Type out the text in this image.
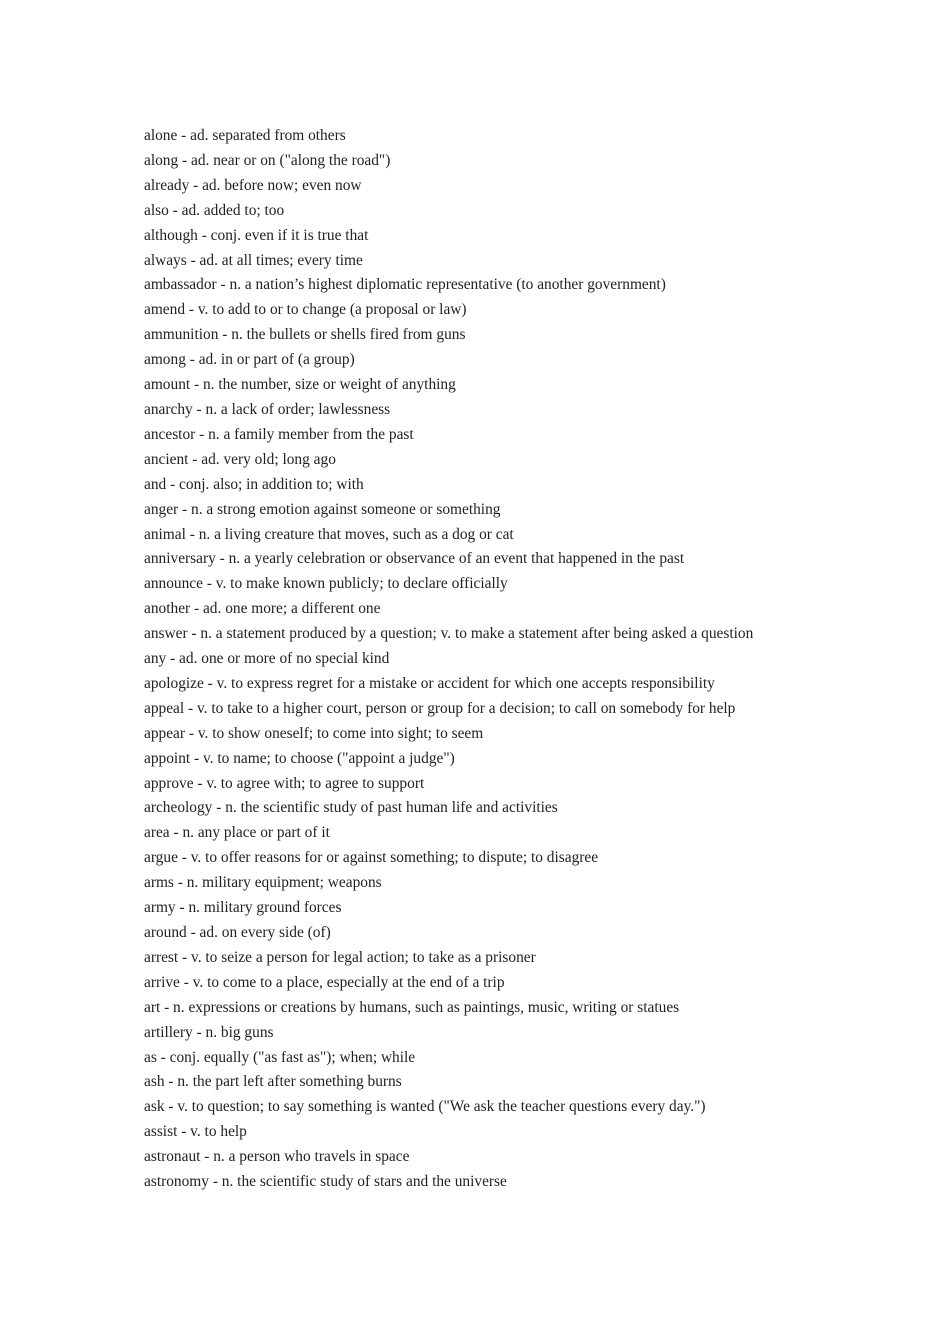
alone - ad. separated from others

along - ad. near or on ("along the road")

already - ad. before now; even now

also - ad. added to; too

although - conj. even if it is true that

always - ad. at all times; every time

ambassador - n. a nation’s highest diplomatic representative (to another government)

amend - v. to add to or to change (a proposal or law)

ammunition - n. the bullets or shells fired from guns

among - ad. in or part of (a group)

amount - n. the number, size or weight of anything

anarchy - n. a lack of order; lawlessness

ancestor - n. a family member from the past

ancient - ad. very old; long ago

and - conj. also; in addition to; with

anger - n. a strong emotion against someone or something

animal - n. a living creature that moves, such as a dog or cat

anniversary - n. a yearly celebration or observance of an event that happened in the past

announce - v. to make known publicly; to declare officially

another - ad. one more; a different one

answer - n. a statement produced by a question; v. to make a statement after being asked a question

any - ad. one or more of no special kind

apologize - v. to express regret for a mistake or accident for which one accepts responsibility

appeal - v. to take to a higher court, person or group for a decision; to call on somebody for help

appear - v. to show oneself; to come into sight; to seem

appoint - v. to name; to choose ("appoint a judge")

approve - v. to agree with; to agree to support

archeology - n. the scientific study of past human life and activities

area - n. any place or part of it

argue - v. to offer reasons for or against something; to dispute; to disagree

arms - n. military equipment; weapons

army - n. military ground forces

around - ad. on every side (of)

arrest - v. to seize a person for legal action; to take as a prisoner

arrive - v. to come to a place, especially at the end of a trip

art - n. expressions or creations by humans, such as paintings, music, writing or statues

artillery - n. big guns

as - conj. equally ("as fast as"); when; while

ash - n. the part left after something burns

ask - v. to question; to say something is wanted ("We ask the teacher questions every day.")

assist - v. to help

astronaut - n. a person who travels in space

astronomy - n. the scientific study of stars and the universe
